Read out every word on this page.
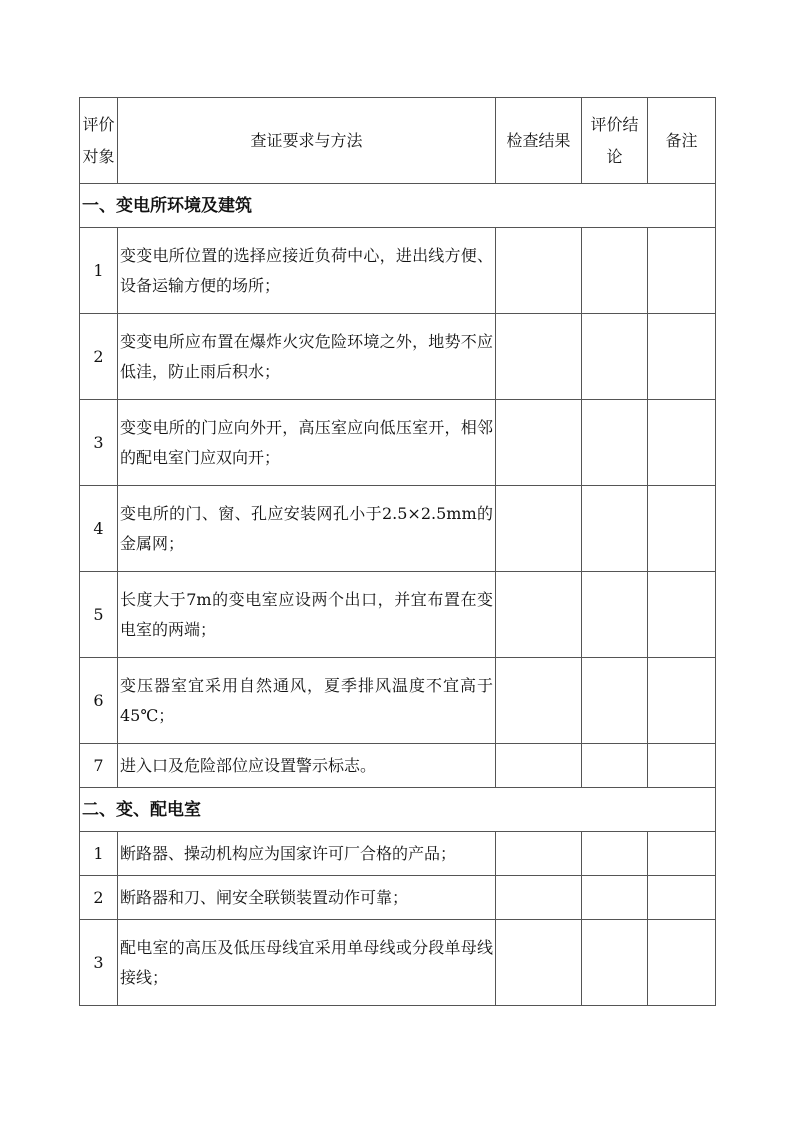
评价对象	查证要求与方法	检查结果	评价结论	备注
一、变电所环境及建筑				
1	变变电所位置的选择应接近负荷中心，进出线方便、设备运输方便的场所；			
2	变变电所应布置在爆炸火灾危险环境之外，地势不应低洼，防止雨后积水；			
3	变变电所的门应向外开，高压室应向低压室开，相邻的配电室门应双向开；			
4	变电所的门、窗、孔应安装网孔小于2.5×2.5mm的金属网；			
5	长度大于7m的变电室应设两个出口，并宜布置在变电室的两端；			
6	变压器室宜采用自然通风，夏季排风温度不宜高于45℃；			
7	进入口及危险部位应设置警示标志。			
二、变、配电室				
1	断路器、操动机构应为国家许可厂合格的产品；			
2	断路器和刀、闸安全联锁装置动作可靠；			
3	配电室的高压及低压母线宜采用单母线或分段单母线接线；			
